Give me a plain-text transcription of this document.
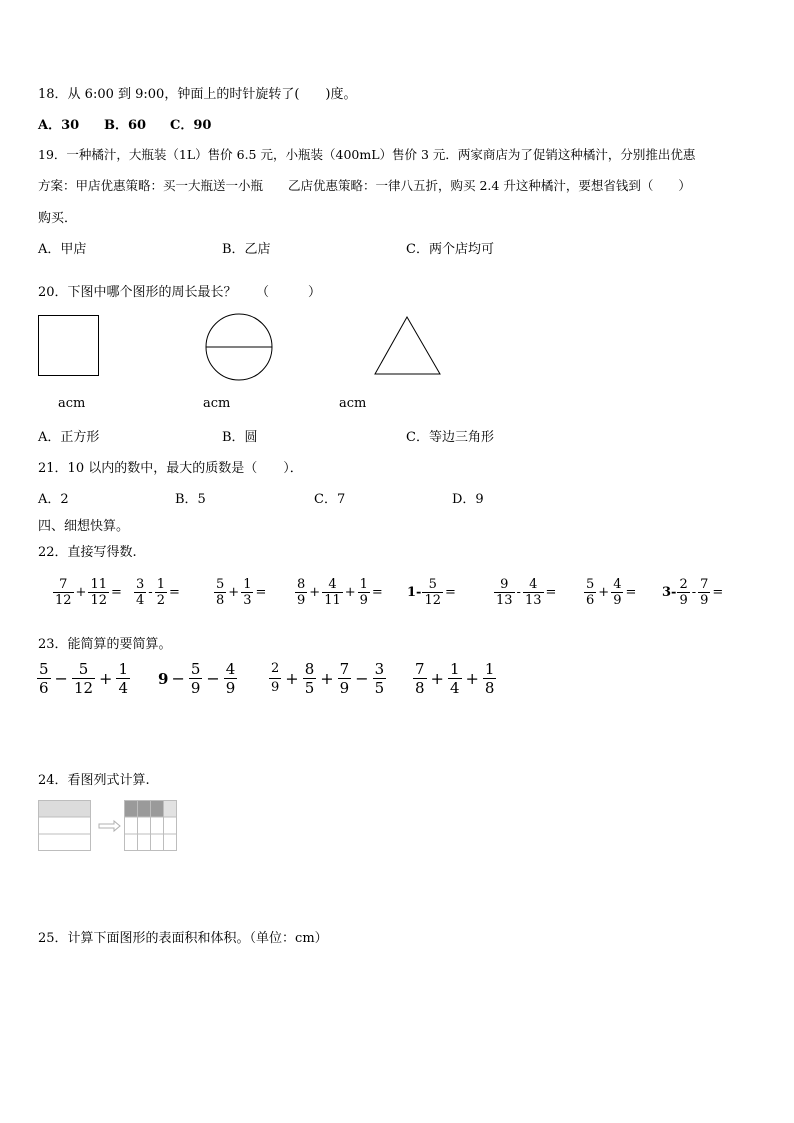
18．从 6:00 到 9:00，钟面上的时针旋转了(　　)度。
A．30 B．60 C．90
19．一种橘汁，大瓶装（1L）售价 6.5 元，小瓶装（400mL）售价 3 元．两家商店为了促销这种橘汁，分别推出优惠
方案：甲店优惠策略：买一大瓶送一小瓶　　乙店优惠策略：一律八五折，购买 2.4 升这种橘汁，要想省钱到（　　）
购买．
A．甲店	B．乙店	C．两个店均可
20．下图中哪个图形的周长最长？　　（　　　）
acm	acm	acm
A．正方形	B．圆	C．等边三角形
21．10 以内的数中，最大的质数是（　　）．
A．2	B．5	C．7	D．9
四、细想快算。
22．直接写得数.
$\frac{7}{12} + \frac{11}{12} = \frac{3}{4} - \frac{1}{2}$ =	$\frac{5}{8} + \frac{1}{3} = \frac{8}{9} + \frac{4}{11} + \frac{1}{9} = 1- \frac{5}{12}$ =	$\frac{9}{13} - \frac{4}{13} = \frac{5}{6} + \frac{4}{9} = 3- \frac{2}{9} - \frac{7}{9}$ =
23．能简算的要简算。
$\frac{5}{6} - \frac{5}{12} + \frac{1}{4} 9 - \frac{5}{9} - \frac{4}{9} \frac{2}{9} + \frac{8}{5} + \frac{7}{9} - \frac{3}{5} \frac{7}{8} + \frac{1}{4} + \frac{1}{8}$
24．看图列式计算.
25．计算下面图形的表面积和体积。（单位：cm）
